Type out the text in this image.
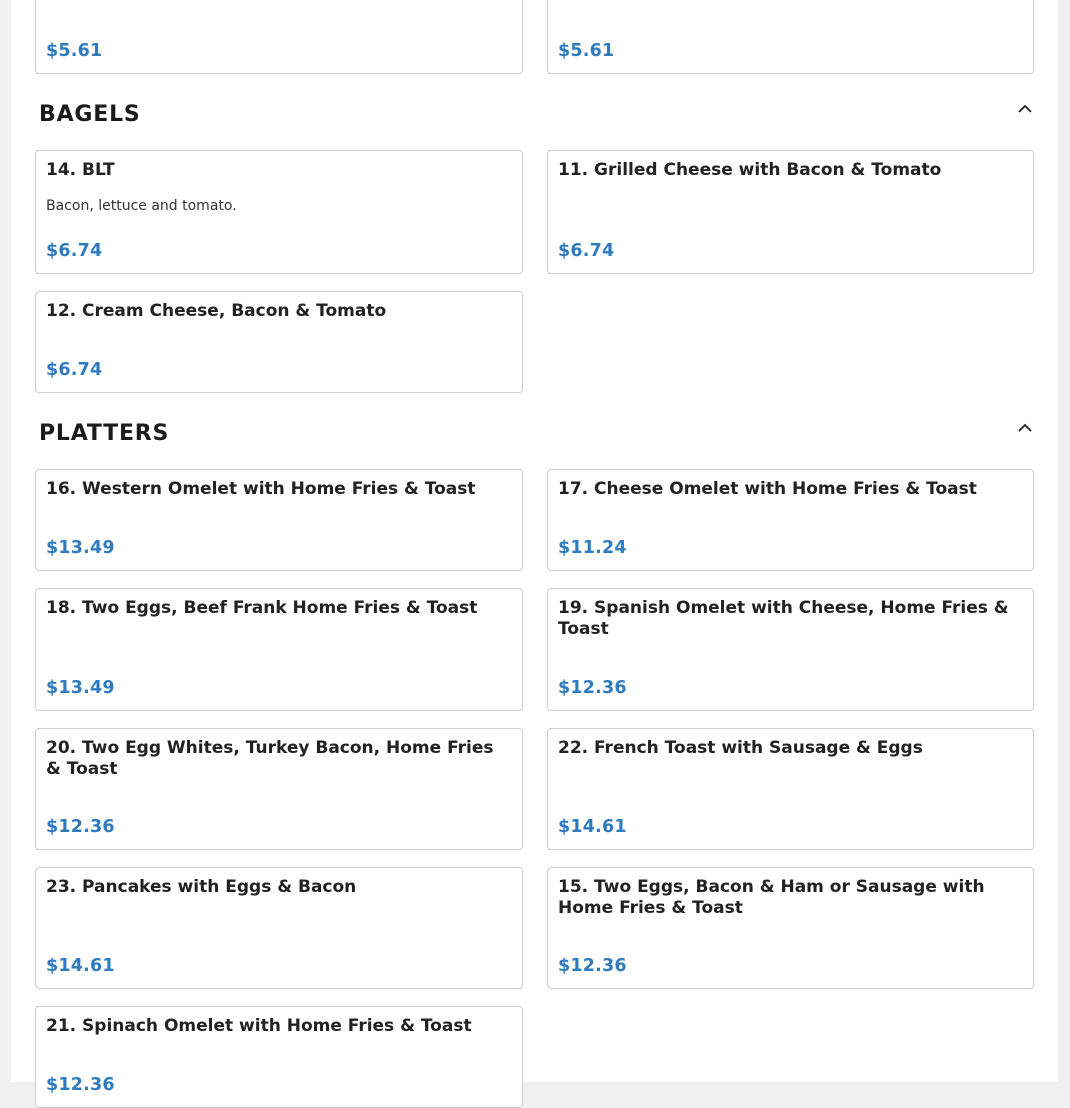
$5.61	$5.61
BAGELS
14. BLT
Bacon, lettuce and tomato.
$6.74
11. Grilled Cheese with Bacon & Tomato
$6.74
12. Cream Cheese, Bacon & Tomato
$6.74
PLATTERS
16. Western Omelet with Home Fries & Toast
$13.49
17. Cheese Omelet with Home Fries & Toast
$11.24
18. Two Eggs, Beef Frank Home Fries & Toast
$13.49
19. Spanish Omelet with Cheese, Home Fries & Toast
$12.36
20. Two Egg Whites, Turkey Bacon, Home Fries & Toast
$12.36
22. French Toast with Sausage & Eggs
$14.61
23. Pancakes with Eggs & Bacon
$14.61
15. Two Eggs, Bacon & Ham or Sausage with Home Fries & Toast
$12.36
21. Spinach Omelet with Home Fries & Toast
$12.36
